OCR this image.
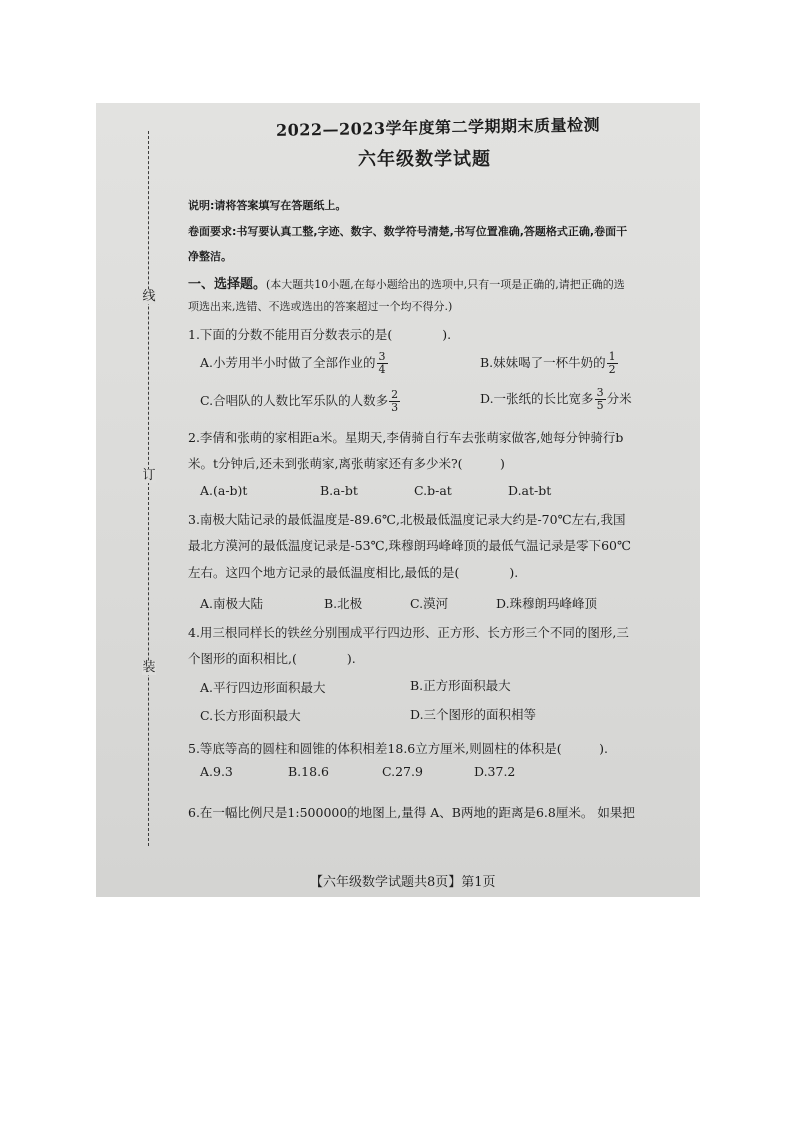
线
订
装
2022—2023学年度第二学期期末质量检测
六年级数学试题
说明:请将答案填写在答题纸上。
卷面要求:书写要认真工整,字迹、数字、数学符号清楚,书写位置准确,答题格式正确,卷面干
净整洁。
一、选择题。(本大题共10小题,在每小题给出的选项中,只有一项是正确的,请把正确的选
项选出来,选错、不选或选出的答案超过一个均不得分.)
1.下面的分数不能用百分数表示的是(　　　　).
A.小芳用半小时做了全部作业的 $\frac{3}{4}$	B.妹妹喝了一杯牛奶的 $\frac{1}{2}$
C.合唱队的人数比军乐队的人数多 $\frac{2}{3}$	D.一张纸的长比宽多 $\frac{3}{5}$ 分米
2.李倩和张萌的家相距a米。星期天,李倩骑自行车去张萌家做客,她每分钟骑行b
米。t分钟后,还未到张萌家,离张萌家还有多少米?(　　　)
A.(a-b)t	B.a-bt	C.b-at	D.at-bt
3.南极大陆记录的最低温度是-89.6℃,北极最低温度记录大约是-70℃左右,我国
最北方漠河的最低温度记录是-53℃,珠穆朗玛峰峰顶的最低气温记录是零下60℃
左右。这四个地方记录的最低温度相比,最低的是(　　　　).
A.南极大陆	B.北极	C.漠河	D.珠穆朗玛峰峰顶
4.用三根同样长的铁丝分别围成平行四边形、正方形、长方形三个不同的图形,三
个图形的面积相比,(　　　　).
A.平行四边形面积最大	B.正方形面积最大
C.长方形面积最大	D.三个图形的面积相等
5.等底等高的圆柱和圆锥的体积相差18.6立方厘米,则圆柱的体积是(　　　).
A.9.3	B.18.6	C.27.9	D.37.2
6.在一幅比例尺是1:500000的地图上,量得 A、B两地的距离是6.8厘米。 如果把
【六年级数学试题共8页】第1页
